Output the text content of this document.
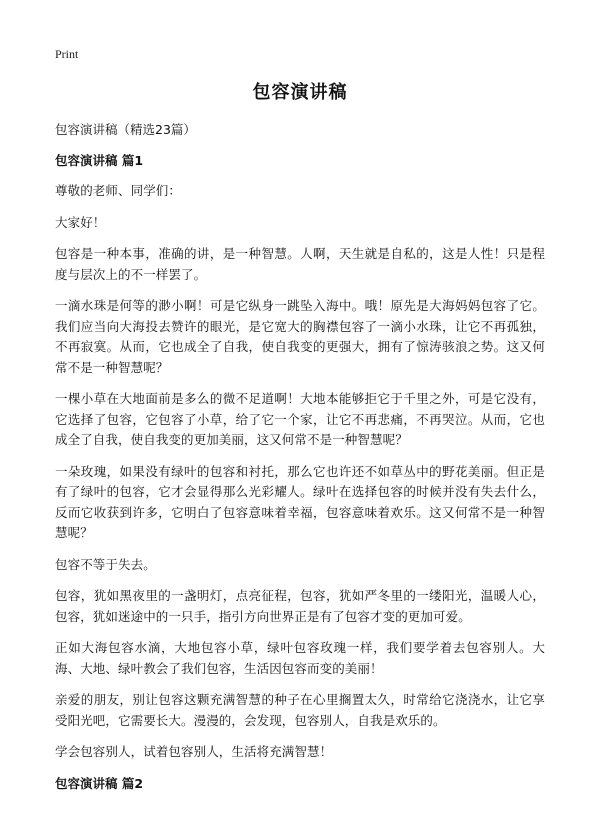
Print
包容演讲稿
包容演讲稿（精选23篇）
包容演讲稿 篇1

尊敬的老师、同学们：

大家好！

包容是一种本事，准确的讲，是一种智慧。人啊，天生就是自私的，这是人性！只是程度与层次上的不一样罢了。

一滴水珠是何等的渺小啊！可是它纵身一跳坠入海中。哦！原先是大海妈妈包容了它。我们应当向大海投去赞许的眼光，是它宽大的胸襟包容了一滴小水珠，让它不再孤独，不再寂寞。从而，它也成全了自我，使自我变的更强大，拥有了惊涛骇浪之势。这又何常不是一种智慧呢？

一棵小草在大地面前是多么的微不足道啊！大地本能够拒它于千里之外，可是它没有，它选择了包容，它包容了小草，给了它一个家，让它不再悲痛，不再哭泣。从而，它也成全了自我，使自我变的更加美丽，这又何常不是一种智慧呢？

一朵玫瑰，如果没有绿叶的包容和衬托，那么它也许还不如草丛中的野花美丽。但正是有了绿叶的包容，它才会显得那么光彩耀人。绿叶在选择包容的时候并没有失去什么，反而它收获到许多，它明白了包容意味着幸福，包容意味着欢乐。这又何常不是一种智慧呢？

包容不等于失去。

包容，犹如黑夜里的一盏明灯，点亮征程，包容，犹如严冬里的一缕阳光，温暖人心，包容，犹如迷途中的一只手，指引方向世界正是有了包容才变的更加可爱。

正如大海包容水滴，大地包容小草，绿叶包容玫瑰一样，我们要学着去包容别人。大海、大地、绿叶教会了我们包容，生活因包容而变的美丽！

亲爱的朋友，别让包容这颗充满智慧的种子在心里搁置太久，时常给它浇浇水，让它享受阳光吧，它需要长大。漫漫的，会发现，包容别人，自我是欢乐的。

学会包容别人，试着包容别人，生活将充满智慧！

包容演讲稿 篇2
